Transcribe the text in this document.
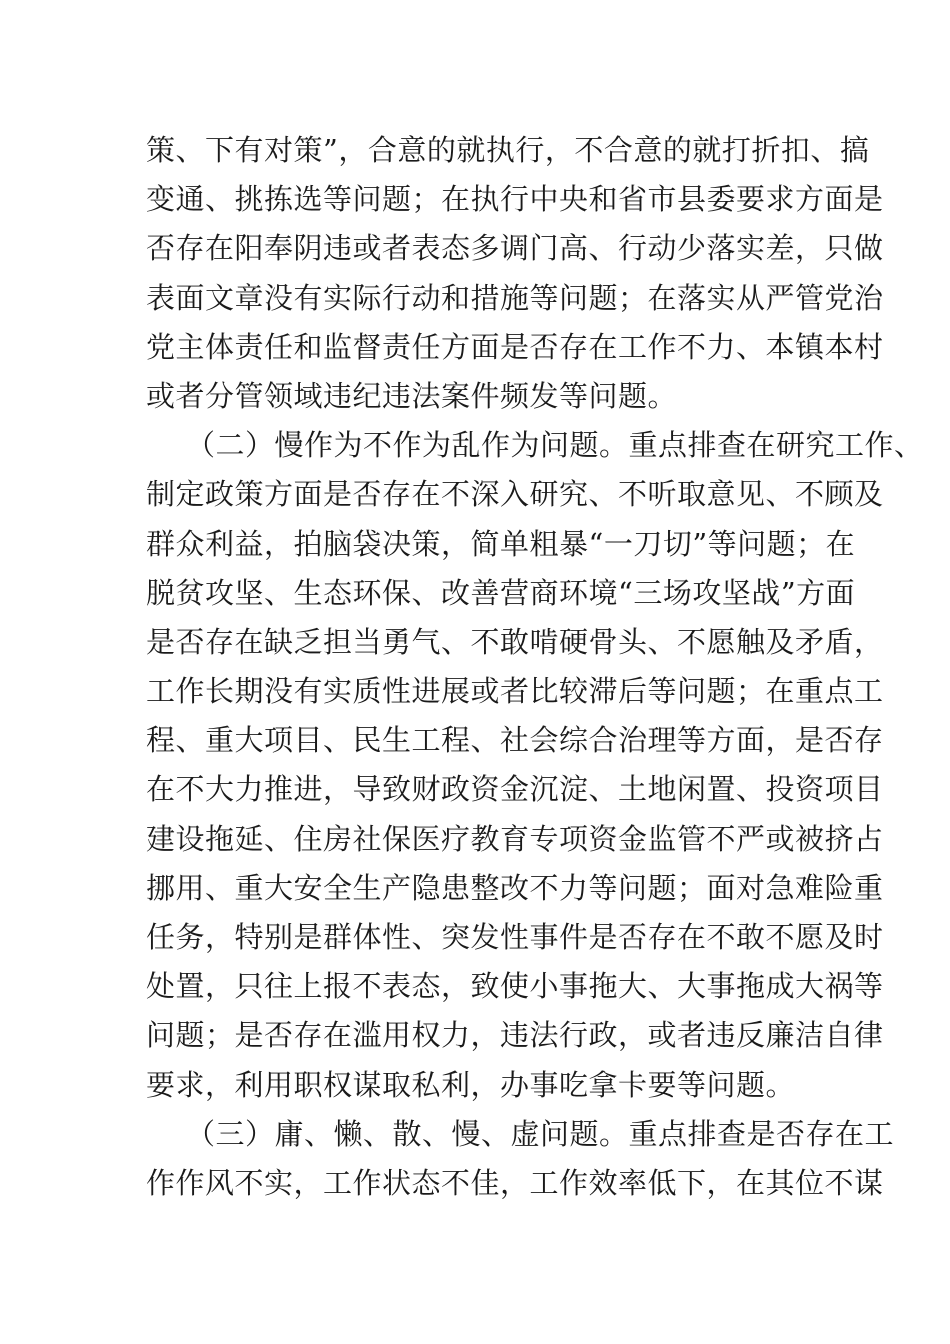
策、下有对策”，合意的就执行，不合意的就打折扣、搞
变通、挑拣选等问题；在执行中央和省市县委要求方面是
否存在阳奉阴违或者表态多调门高、行动少落实差，只做
表面文章没有实际行动和措施等问题；在落实从严管党治
党主体责任和监督责任方面是否存在工作不力、本镇本村
或者分管领域违纪违法案件频发等问题。
（二）慢作为不作为乱作为问题。重点排查在研究工作、
制定政策方面是否存在不深入研究、不听取意见、不顾及
群众利益，拍脑袋决策，简单粗暴“一刀切”等问题；在
脱贫攻坚、生态环保、改善营商环境“三场攻坚战”方面
是否存在缺乏担当勇气、不敢啃硬骨头、不愿触及矛盾，
工作长期没有实质性进展或者比较滞后等问题；在重点工
程、重大项目、民生工程、社会综合治理等方面，是否存
在不大力推进，导致财政资金沉淀、土地闲置、投资项目
建设拖延、住房社保医疗教育专项资金监管不严或被挤占
挪用、重大安全生产隐患整改不力等问题；面对急难险重
任务，特别是群体性、突发性事件是否存在不敢不愿及时
处置，只往上报不表态，致使小事拖大、大事拖成大祸等
问题；是否存在滥用权力，违法行政，或者违反廉洁自律
要求，利用职权谋取私利，办事吃拿卡要等问题。
（三）庸、懒、散、慢、虚问题。重点排查是否存在工
作作风不实，工作状态不佳，工作效率低下，在其位不谋
